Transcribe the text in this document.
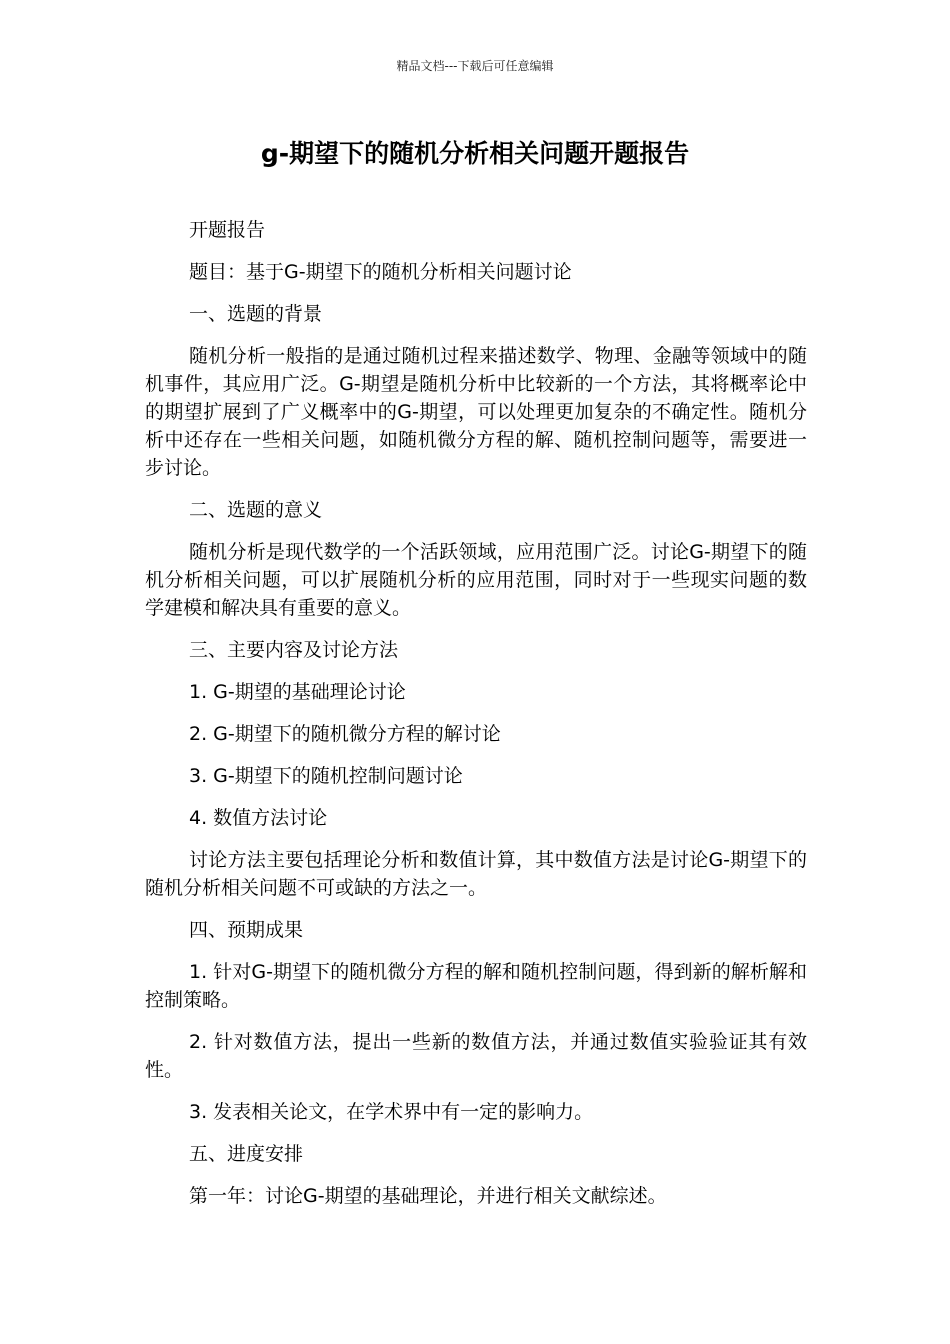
精品文档---下载后可任意编辑
g-期望下的随机分析相关问题开题报告

开题报告

题目：基于G-期望下的随机分析相关问题讨论

一、选题的背景

随机分析一般指的是通过随机过程来描述数学、物理、金融等领域中的随机事件，其应用广泛。G-期望是随机分析中比较新的一个方法，其将概率论中的期望扩展到了广义概率中的G-期望，可以处理更加复杂的不确定性。随机分析中还存在一些相关问题，如随机微分方程的解、随机控制问题等，需要进一步讨论。

二、选题的意义

随机分析是现代数学的一个活跃领域，应用范围广泛。讨论G-期望下的随机分析相关问题，可以扩展随机分析的应用范围，同时对于一些现实问题的数学建模和解决具有重要的意义。

三、主要内容及讨论方法

1. G-期望的基础理论讨论

2. G-期望下的随机微分方程的解讨论

3. G-期望下的随机控制问题讨论

4. 数值方法讨论

讨论方法主要包括理论分析和数值计算，其中数值方法是讨论G-期望下的随机分析相关问题不可或缺的方法之一。

四、预期成果

1. 针对G-期望下的随机微分方程的解和随机控制问题，得到新的解析解和控制策略。

2. 针对数值方法，提出一些新的数值方法，并通过数值实验验证其有效性。

3. 发表相关论文，在学术界中有一定的影响力。

五、进度安排

第一年：讨论G-期望的基础理论，并进行相关文献综述。
